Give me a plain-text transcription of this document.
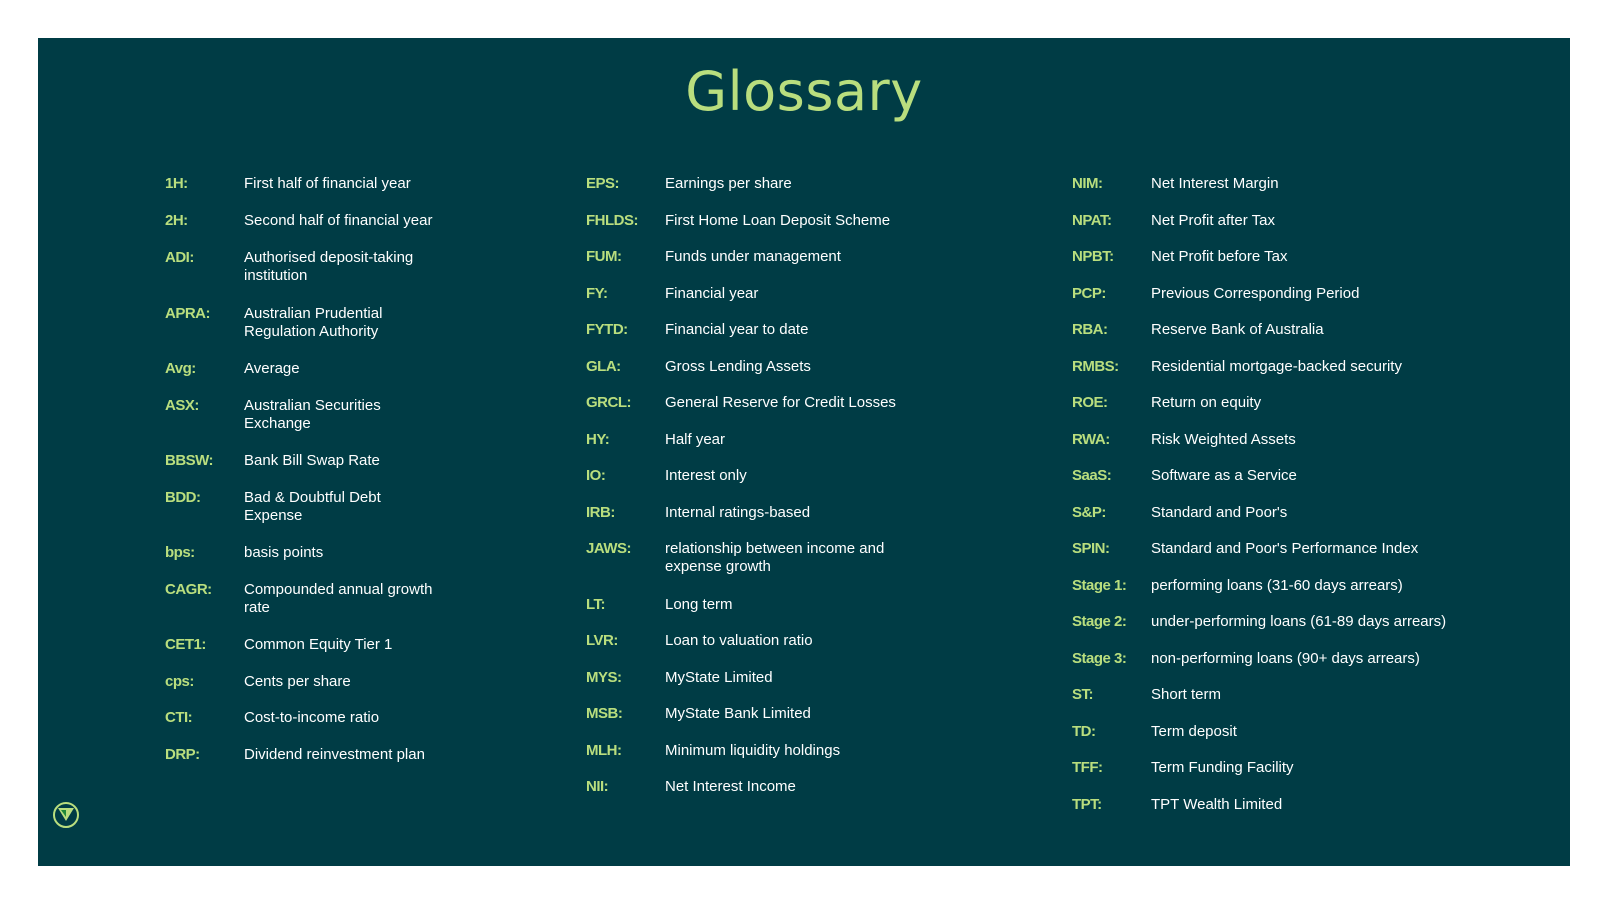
Glossary
1H:	First half of financial year
2H:	Second half of financial year
ADI:	Authorised deposit-taking institution
APRA: Australian Prudential Regulation Authority
Avg:	Average
ASX:	Australian Securities Exchange
BBSW: Bank Bill Swap Rate
BDD:	Bad & Doubtful Debt Expense
bps:	basis points
CAGR: Compounded annual growth rate
CET1:	Common Equity Tier 1
cps:	Cents per share
CTI:	Cost-to-income ratio
DRP:	Dividend reinvestment plan
EPS:	Earnings per share
FHLDS: First Home Loan Deposit Scheme
FUM:	Funds under management
FY:	Financial year
FYTD: Financial year to date
GLA:	Gross Lending Assets
GRCL: General Reserve for Credit Losses
HY:	Half year
IO:	Interest only
IRB:	Internal ratings-based
JAWS: relationship between income and expense growth
LT:	Long term
LVR:	Loan to valuation ratio
MYS:	MyState Limited
MSB:	MyState Bank Limited
MLH:	Minimum liquidity holdings
NII:	Net Interest Income
NIM:	Net Interest Margin
NPAT:	Net Profit after Tax
NPBT: Net Profit before Tax
PCP:	Previous Corresponding Period
RBA:	Reserve Bank of Australia
RMBS: Residential mortgage-backed security
ROE:	Return on equity
RWA:	Risk Weighted Assets
SaaS:	Software as a Service
S&P:	Standard and Poor's
SPIN:	Standard and Poor's Performance Index
Stage 1: performing loans (31-60 days arrears)
Stage 2: under-performing loans (61-89 days arrears)
Stage 3: non-performing loans (90+ days arrears)
ST:	Short term
TD:	Term deposit
TFF:	Term Funding Facility
TPT:	TPT Wealth Limited
